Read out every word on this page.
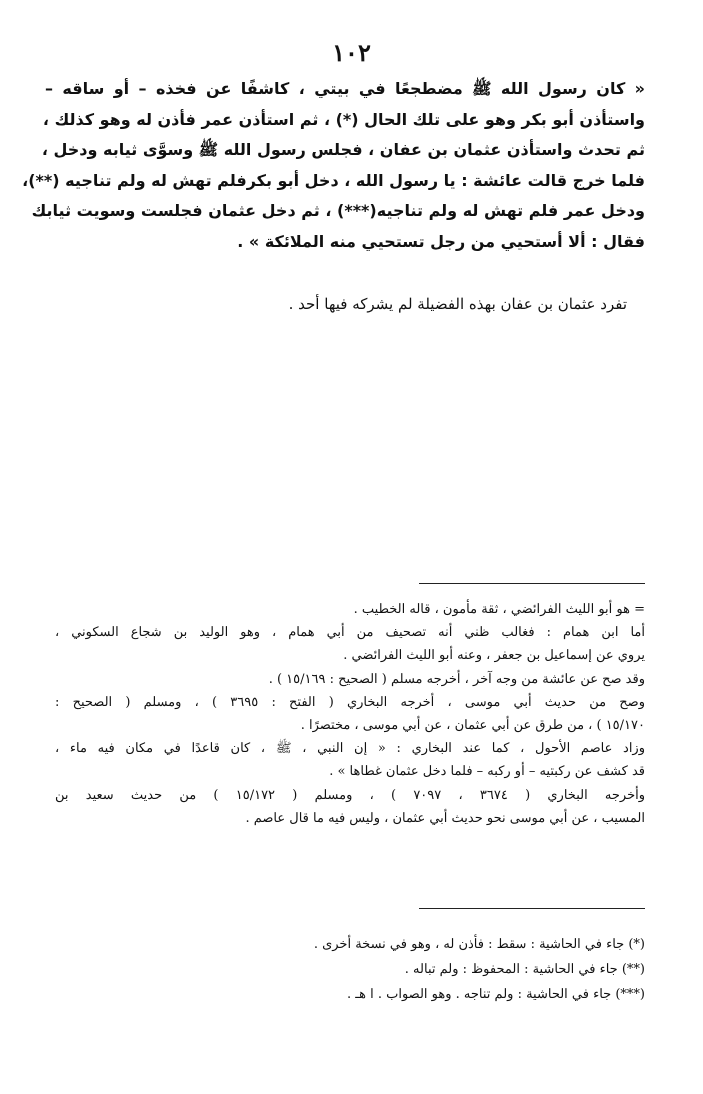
١٠٢
« كان رسول الله ﷺ مضطجعًا في بيتي ، كاشفًا عن فخذه – أو ساقه –
واستأذن أبو بكر وهو على تلك الحال (*) ، ثم استأذن عمر فأذن له وهو كذلك ،
ثم تحدث واستأذن عثمان بن عفان ، فجلس رسول الله ﷺ وسوَّى ثيابه ودخل ،
فلما خرج قالت عائشة : يا رسول الله ، دخل أبو بكرفلم تهش له ولم تناجيه (**)،
ودخل عمر فلم تهش له ولم تناجيه(***) ، ثم دخل عثمان فجلست وسويت ثيابك
فقال : ألا أستحيي من رجل تستحيي منه الملائكة » .
تفرد عثمان بن عفان بهذه الفضيلة لم يشركه فيها أحد .
= هو أبو الليث الفرائضي ، ثقة مأمون ، قاله الخطيب .
أما ابن همام : فغالب ظني أنه تصحيف من أبي همام ، وهو الوليد بن شجاع السكوني ،
يروي عن إسماعيل بن جعفر ، وعنه أبو الليث الفرائضي .
وقد صح عن عائشة من وجه آخر ، أخرجه مسلم ( الصحيح : ١٥/١٦٩ ) .
وصح من حديث أبي موسى ، أخرجه البخاري ( الفتح : ٣٦٩٥ ) ، ومسلم ( الصحيح :
١٥/١٧٠ ) ، من طرق عن أبي عثمان ، عن أبي موسى ، مختصرًا .
وزاد عاصم الأحول ، كما عند البخاري : « إن النبي ، ﷺ ، كان قاعدًا في مكان فيه ماء ،
قد كشف عن ركبتيه – أو ركبه – فلما دخل عثمان غطاها » .
وأخرجه البخاري ( ٣٦٧٤ ، ٧٠٩٧ ) ، ومسلم ( ١٥/١٧٢ ) من حديث سعيد بن
المسيب ، عن أبي موسى نحو حديث أبي عثمان ، وليس فيه ما قال عاصم .
(*) جاء في الحاشية : سقط : فأذن له ، وهو في نسخة أخرى .
(**) جاء في الحاشية : المحفوظ : ولم تباله .
(***) جاء في الحاشية : ولم تناجه . وهو الصواب . ا هـ .
